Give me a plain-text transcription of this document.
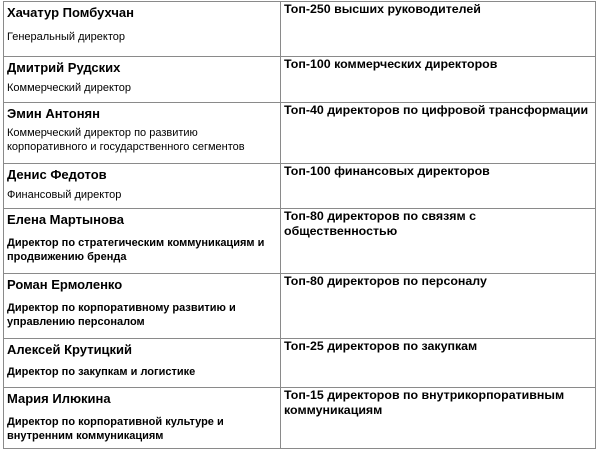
Хачатур Помбухчан
Генеральный директор	Топ-250 высших руководителей

Дмитрий Рудских
Коммерческий директор	Топ-100 коммерческих директоров

Эмин Антонян
Коммерческий директор по развитию корпоративного и государственного сегментов	Топ-40 директоров по цифровой трансформации

Денис Федотов
Финансовый директор	Топ-100 финансовых директоров

Елена Мартынова
Директор по стратегическим коммуникациям и продвижению бренда	Топ-80 директоров по связям с общественностью

Роман Ермоленко
Директор по корпоративному развитию и управлению персоналом	Топ-80 директоров по персоналу

Алексей Крутицкий
Директор по закупкам и логистике	Топ-25 директоров по закупкам

Мария Илюкина
Директор по корпоративной культуре и внутренним коммуникациям	Топ-15 директоров по внутрикорпоративным коммуникациям
